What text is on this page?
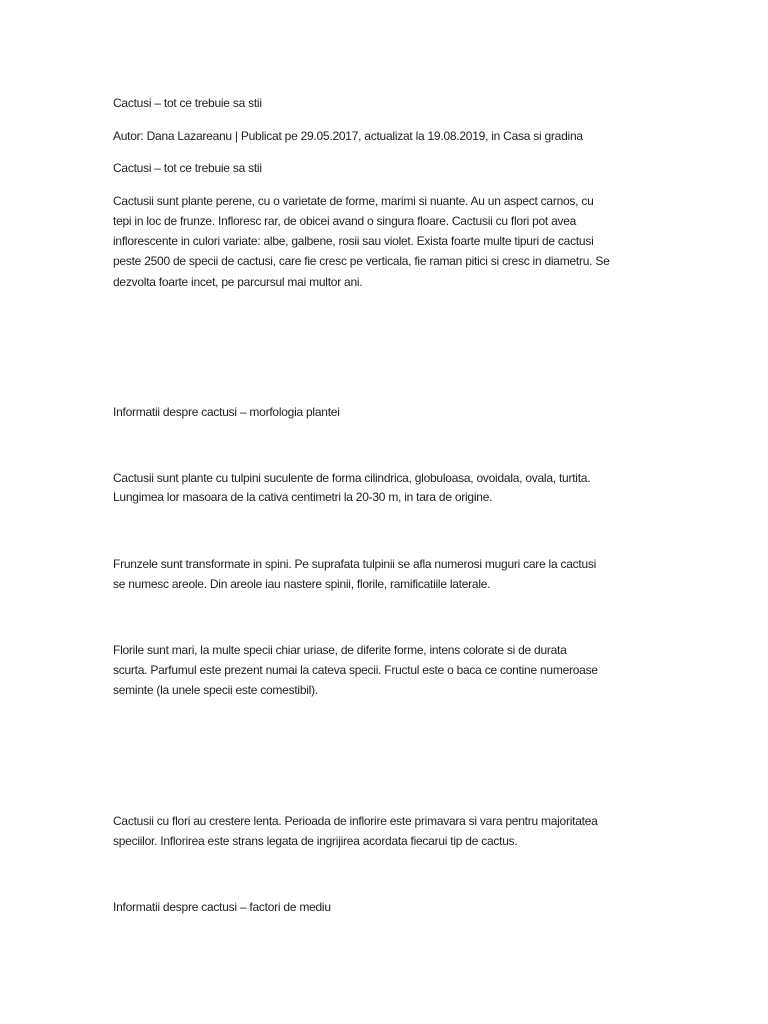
Cactusi – tot ce trebuie sa stii
Autor: Dana Lazareanu | Publicat pe 29.05.2017, actualizat la 19.08.2019, in Casa si gradina
Cactusi – tot ce trebuie sa stii
Cactusii sunt plante perene, cu o varietate de forme, marimi si nuante. Au un aspect carnos, cu
tepi in loc de frunze. Infloresc rar, de obicei avand o singura floare. Cactusii cu flori pot avea
inflorescente in culori variate: albe, galbene, rosii sau violet. Exista foarte multe tipuri de cactusi
peste 2500 de specii de cactusi, care fie cresc pe verticala, fie raman pitici si cresc in diametru. Se
dezvolta foarte incet, pe parcursul mai multor ani.
Informatii despre cactusi – morfologia plantei
Cactusii sunt plante cu tulpini suculente de forma cilindrica, globuloasa, ovoidala, ovala, turtita.
Lungimea lor masoara de la cativa centimetri la 20-30 m, in tara de origine.
Frunzele sunt transformate in spini. Pe suprafata tulpinii se afla numerosi muguri care la cactusi
se numesc areole. Din areole iau nastere spinii, florile, ramificatiile laterale.
Florile sunt mari, la multe specii chiar uriase, de diferite forme, intens colorate si de durata
scurta. Parfumul este prezent numai la cateva specii. Fructul este o baca ce contine numeroase
seminte (la unele specii este comestibil).
Cactusii cu flori au crestere lenta. Perioada de inflorire este primavara si vara pentru majoritatea
speciilor. Inflorirea este strans legata de ingrijirea acordata fiecarui tip de cactus.
Informatii despre cactusi – factori de mediu
